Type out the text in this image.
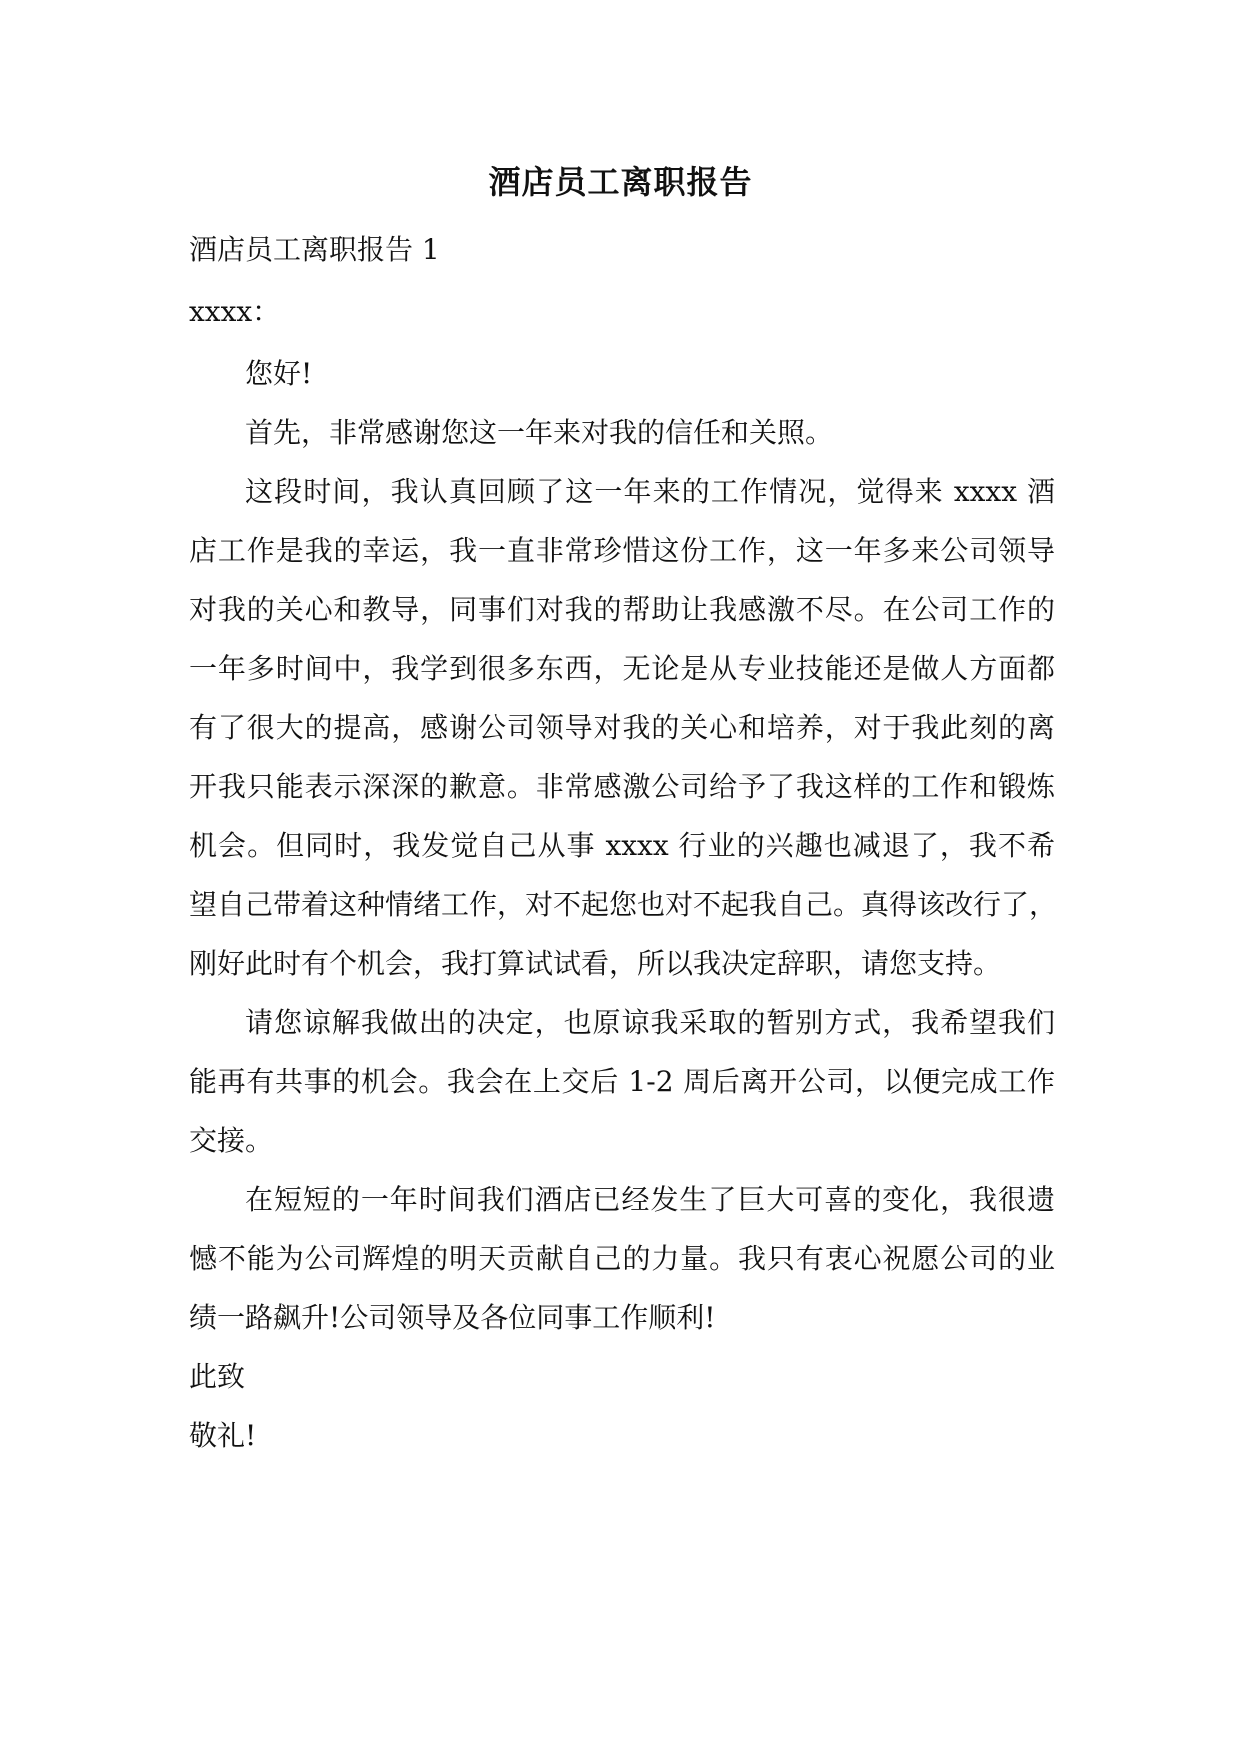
酒店员工离职报告
酒店员工离职报告 1
xxxx：
您好!
首先，非常感谢您这一年来对我的信任和关照。
这段时间，我认真回顾了这一年来的工作情况，觉得来 xxxx 酒
店工作是我的幸运，我一直非常珍惜这份工作，这一年多来公司领导
对我的关心和教导，同事们对我的帮助让我感激不尽。在公司工作的
一年多时间中，我学到很多东西，无论是从专业技能还是做人方面都
有了很大的提高，感谢公司领导对我的关心和培养，对于我此刻的离
开我只能表示深深的歉意。非常感激公司给予了我这样的工作和锻炼
机会。但同时，我发觉自己从事 xxxx 行业的兴趣也减退了，我不希
望自己带着这种情绪工作，对不起您也对不起我自己。真得该改行了，
刚好此时有个机会，我打算试试看，所以我决定辞职，请您支持。
请您谅解我做出的决定，也原谅我采取的暂别方式，我希望我们
能再有共事的机会。我会在上交后 1-2 周后离开公司，以便完成工作
交接。
在短短的一年时间我们酒店已经发生了巨大可喜的变化，我很遗
憾不能为公司辉煌的明天贡献自己的力量。我只有衷心祝愿公司的业
绩一路飙升!公司领导及各位同事工作顺利!
此致
敬礼!
